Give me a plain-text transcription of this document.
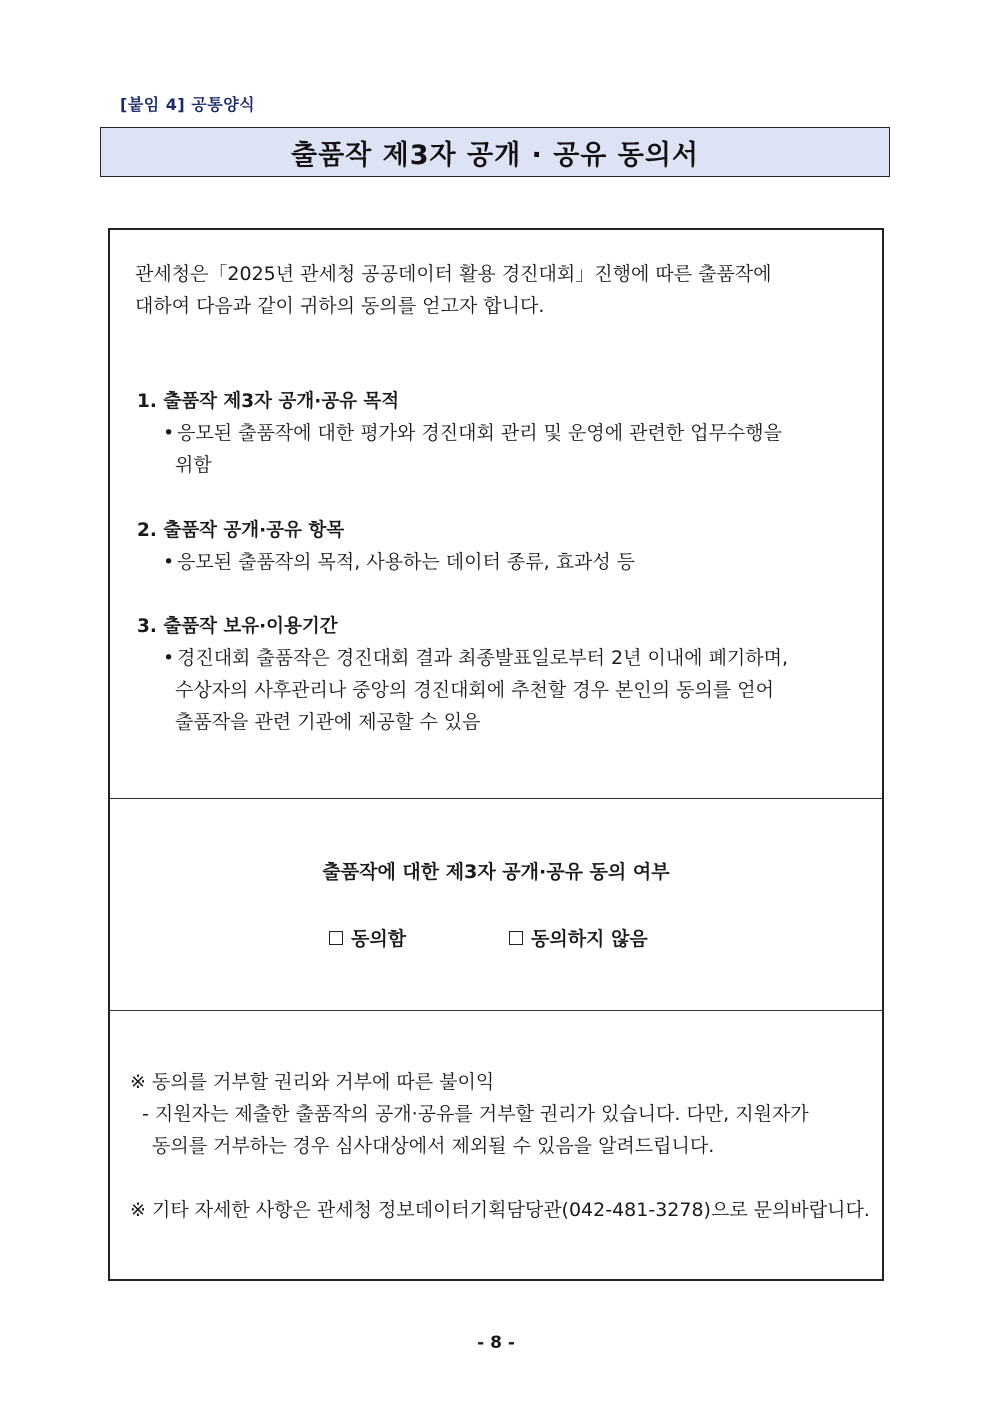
[붙임 4] 공통양식
출품작 제3자 공개 · 공유 동의서
관세청은「2025년 관세청 공공데이터 활용 경진대회」진행에 따른 출품작에
대하여 다음과 같이 귀하의 동의를 얻고자 합니다.
1. 출품작 제3자 공개·공유 목적
• 응모된 출품작에 대한 평가와 경진대회 관리 및 운영에 관련한 업무수행을
위함
2. 출품작 공개·공유 항목
• 응모된 출품작의 목적, 사용하는 데이터 종류, 효과성 등
3. 출품작 보유·이용기간
• 경진대회 출품작은 경진대회 결과 최종발표일로부터 2년 이내에 폐기하며,
수상자의 사후관리나 중앙의 경진대회에 추천할 경우 본인의 동의를 얻어
출품작을 관련 기관에 제공할 수 있음
출품작에 대한 제3자 공개·공유 동의 여부
동의함	동의하지 않음
※ 동의를 거부할 권리와 거부에 따른 불이익
- 지원자는 제출한 출품작의 공개·공유를 거부할 권리가 있습니다. 다만, 지원자가
동의를 거부하는 경우 심사대상에서 제외될 수 있음을 알려드립니다.
※ 기타 자세한 사항은 관세청 정보데이터기획담당관(042-481-3278)으로 문의바랍니다.
- 8 -
